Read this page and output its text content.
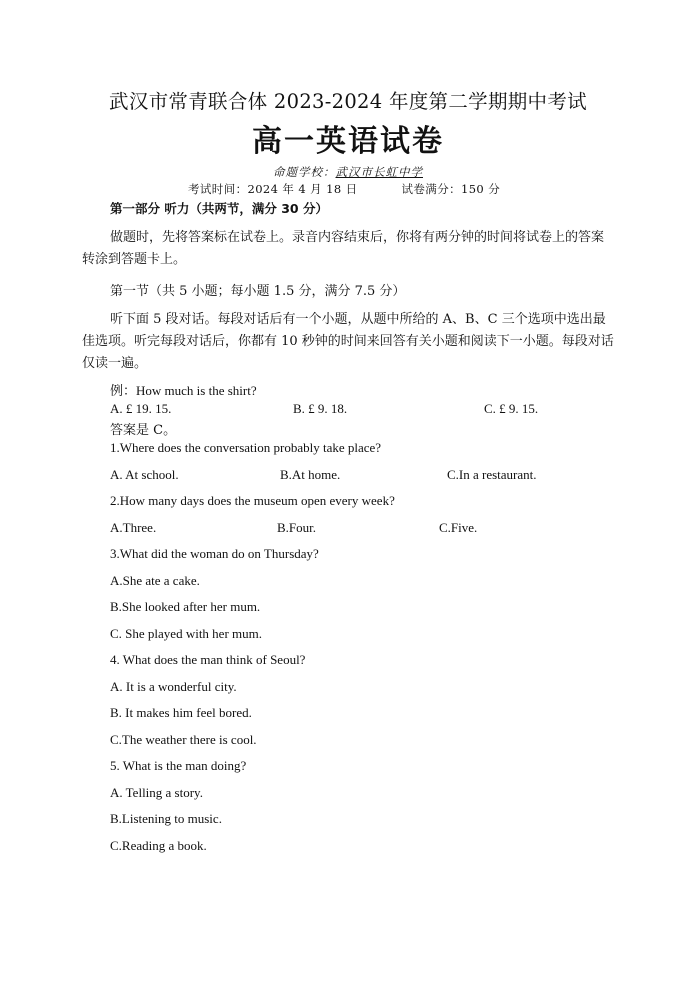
武汉市常青联合体 2023-2024 年度第二学期期中考试
高一英语试卷
命题学校：武汉市长虹中学
考试时间：2024 年 4 月 18 日	试卷满分：150 分
第一部分 听力（共两节，满分 30 分）
做题时，先将答案标在试卷上。录音内容结束后，你将有两分钟的时间将试卷上的答案转涂到答题卡上。
第一节（共 5 小题；每小题 1.5 分，满分 7.5 分）
听下面 5 段对话。每段对话后有一个小题，从题中所给的 A、B、C 三个选项中选出最佳选项。听完每段对话后，你都有 10 秒钟的时间来回答有关小题和阅读下一小题。每段对话仅读一遍。
例：How much is the shirt?
A. £ 19. 15.	B. £ 9. 18.	C. £ 9. 15.
答案是 C。
1.Where does the conversation probably take place?
A. At school.	B.At home.	C.In a restaurant.
2.How many days does the museum open every week?
A.Three.	B.Four.	C.Five.
3.What did the woman do on Thursday?
A.She ate a cake.
B.She looked after her mum.
C. She played with her mum.
4. What does the man think of Seoul?
A. It is a wonderful city.
B. It makes him feel bored.
C.The weather there is cool.
5. What is the man doing?
A. Telling a story.
B.Listening to music.
C.Reading a book.
